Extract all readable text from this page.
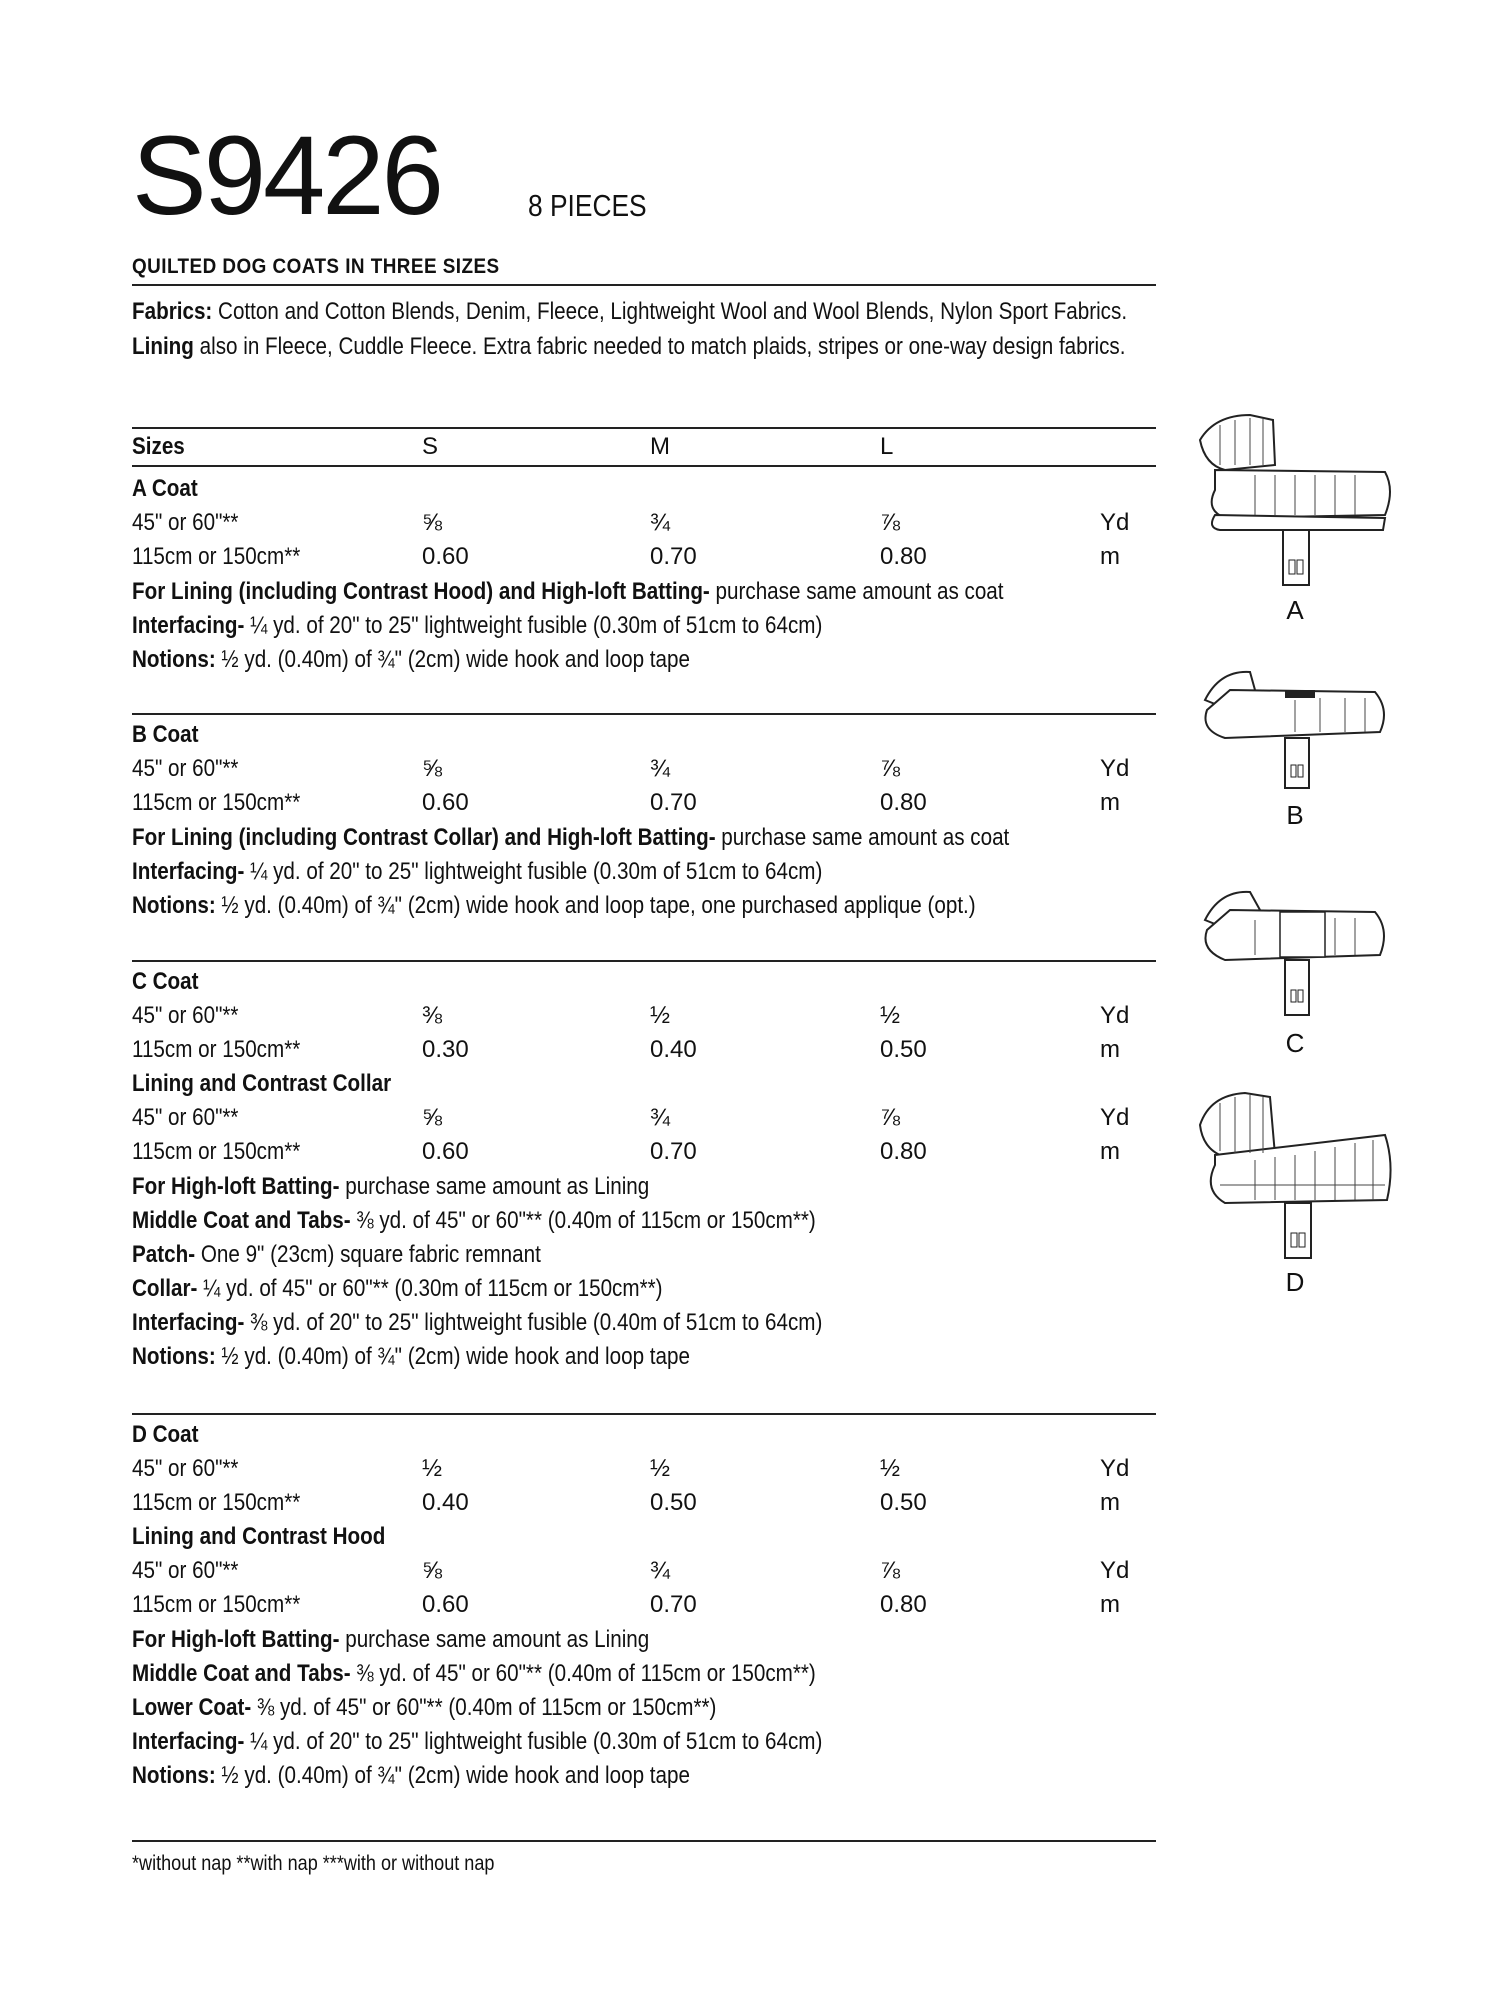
S9426	8 PIECES
QUILTED DOG COATS IN THREE SIZES
Fabrics: Cotton and Cotton Blends, Denim, Fleece, Lightweight Wool and Wool Blends, Nylon Sport Fabrics. Lining also in Fleece, Cuddle Fleece. Extra fabric needed to match plaids, stripes or one-way design fabrics.
Sizes	S	M	L
A Coat
45" or 60"**	⅝	¾	⅞	Yd
115cm or 150cm**	0.60	0.70	0.80	m
For Lining (including Contrast Hood) and High-loft Batting- purchase same amount as coat
Interfacing- ¼ yd. of 20" to 25" lightweight fusible (0.30m of 51cm to 64cm)
Notions: ½ yd. (0.40m) of ¾" (2cm) wide hook and loop tape
B Coat
45" or 60"**	⅝	¾	⅞	Yd
115cm or 150cm**	0.60	0.70	0.80	m
For Lining (including Contrast Collar) and High-loft Batting- purchase same amount as coat
Interfacing- ¼ yd. of 20" to 25" lightweight fusible (0.30m of 51cm to 64cm)
Notions: ½ yd. (0.40m) of ¾" (2cm) wide hook and loop tape, one purchased applique (opt.)
C Coat
45" or 60"**	⅜	½	½	Yd
115cm or 150cm**	0.30	0.40	0.50	m
Lining and Contrast Collar
45" or 60"**	⅝	¾	⅞	Yd
115cm or 150cm**	0.60	0.70	0.80	m
For High-loft Batting- purchase same amount as Lining
Middle Coat and Tabs- ⅜ yd. of 45" or 60"** (0.40m of 115cm or 150cm**)
Patch- One 9" (23cm) square fabric remnant
Collar- ¼ yd. of 45" or 60"** (0.30m of 115cm or 150cm**)
Interfacing- ⅜ yd. of 20" to 25" lightweight fusible (0.40m of 51cm to 64cm)
Notions: ½ yd. (0.40m) of ¾" (2cm) wide hook and loop tape
D Coat
45" or 60"**	½	½	½	Yd
115cm or 150cm**	0.40	0.50	0.50	m
Lining and Contrast Hood
45" or 60"**	⅝	¾	⅞	Yd
115cm or 150cm**	0.60	0.70	0.80	m
For High-loft Batting- purchase same amount as Lining
Middle Coat and Tabs- ⅜ yd. of 45" or 60"** (0.40m of 115cm or 150cm**)
Lower Coat- ⅜ yd. of 45" or 60"** (0.40m of 115cm or 150cm**)
Interfacing- ¼ yd. of 20" to 25" lightweight fusible (0.30m of 51cm to 64cm)
Notions: ½ yd. (0.40m) of ¾" (2cm) wide hook and loop tape
*without nap **with nap ***with or without nap
A
B
C
D
